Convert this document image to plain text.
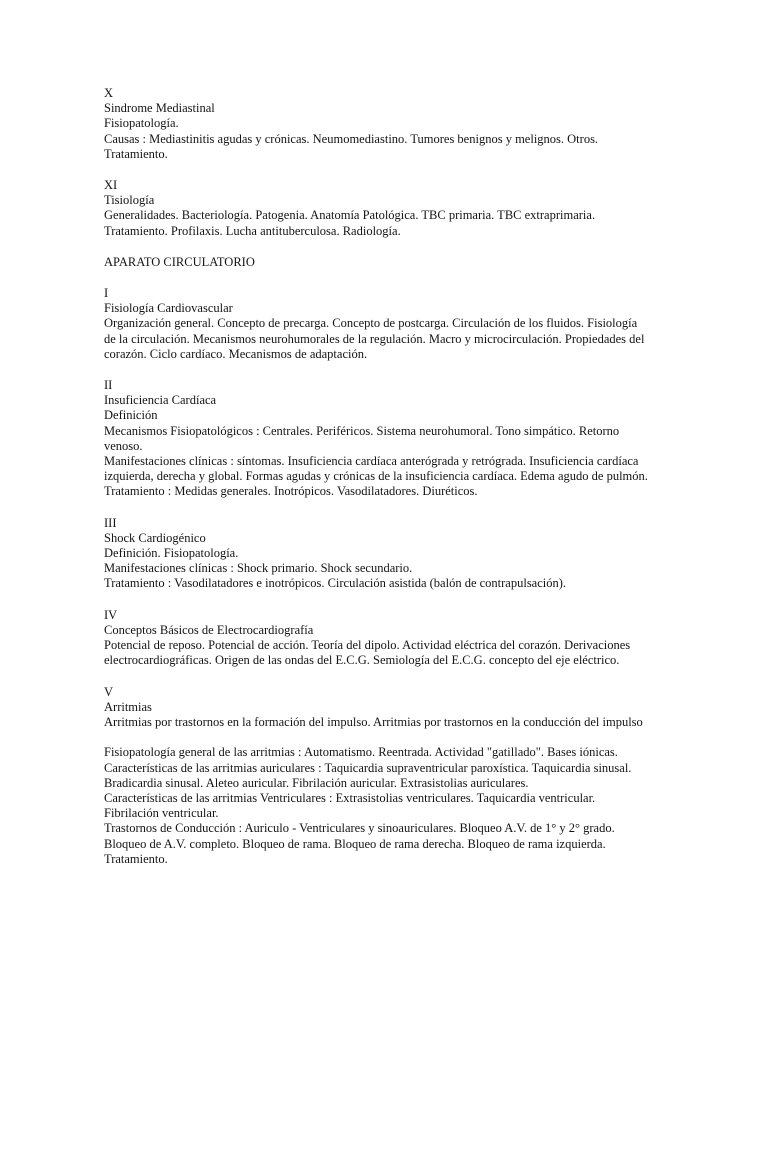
X
Sindrome Mediastinal
Fisiopatología.
Causas : Mediastinitis agudas y crónicas. Neumomediastino. Tumores benignos y melignos. Otros.
Tratamiento.
XI
Tisiología
Generalidades. Bacteriología. Patogenia. Anatomía Patológica. TBC primaria. TBC extraprimaria.
Tratamiento. Profilaxis. Lucha antituberculosa. Radiología.
APARATO CIRCULATORIO
I
Fisiología Cardiovascular
Organización general. Concepto de precarga. Concepto de postcarga. Circulación de los fluidos. Fisiología
de la circulación. Mecanismos neurohumorales de la regulación. Macro y microcirculación. Propiedades del
corazón. Ciclo cardíaco. Mecanismos de adaptación.
II
Insuficiencia Cardíaca
Definición
Mecanismos Fisiopatológicos : Centrales. Periféricos. Sistema neurohumoral. Tono simpático. Retorno
venoso.
Manifestaciones clínicas : síntomas. Insuficiencia cardíaca anterógrada y retrógrada. Insuficiencia cardíaca
izquierda, derecha y global. Formas agudas y crónicas de la insuficiencia cardíaca. Edema agudo de pulmón.
Tratamiento : Medidas generales. Inotrópicos. Vasodilatadores. Diuréticos.
III
Shock Cardiogénico
Definición. Fisiopatología.
Manifestaciones clínicas : Shock primario. Shock secundario.
Tratamiento : Vasodilatadores e inotrópicos. Circulación asistida (balón de contrapulsación).
IV
Conceptos Básicos de Electrocardiografía
Potencial de reposo. Potencial de acción. Teoría del dipolo. Actividad eléctrica del corazón. Derivaciones
electrocardiográficas. Origen de las ondas del E.C.G. Semiología del E.C.G. concepto del eje eléctrico.
V
Arritmias
Arritmias por trastornos en la formación del impulso. Arritmias por trastornos en la conducción del impulso
Fisiopatología general de las arritmias : Automatismo. Reentrada. Actividad "gatillado". Bases iónicas.
Características de las arritmias auriculares : Taquicardia supraventricular paroxística. Taquicardia sinusal.
Bradicardia sinusal. Aleteo auricular. Fibrilación auricular. Extrasistolias auriculares.
Características de las arritmias Ventriculares : Extrasistolias ventriculares. Taquicardia ventricular.
Fibrilación ventricular.
Trastornos de Conducción : Auriculo - Ventriculares y sinoauriculares. Bloqueo A.V. de 1° y 2° grado.
Bloqueo de A.V. completo. Bloqueo de rama. Bloqueo de rama derecha. Bloqueo de rama izquierda.
Tratamiento.
